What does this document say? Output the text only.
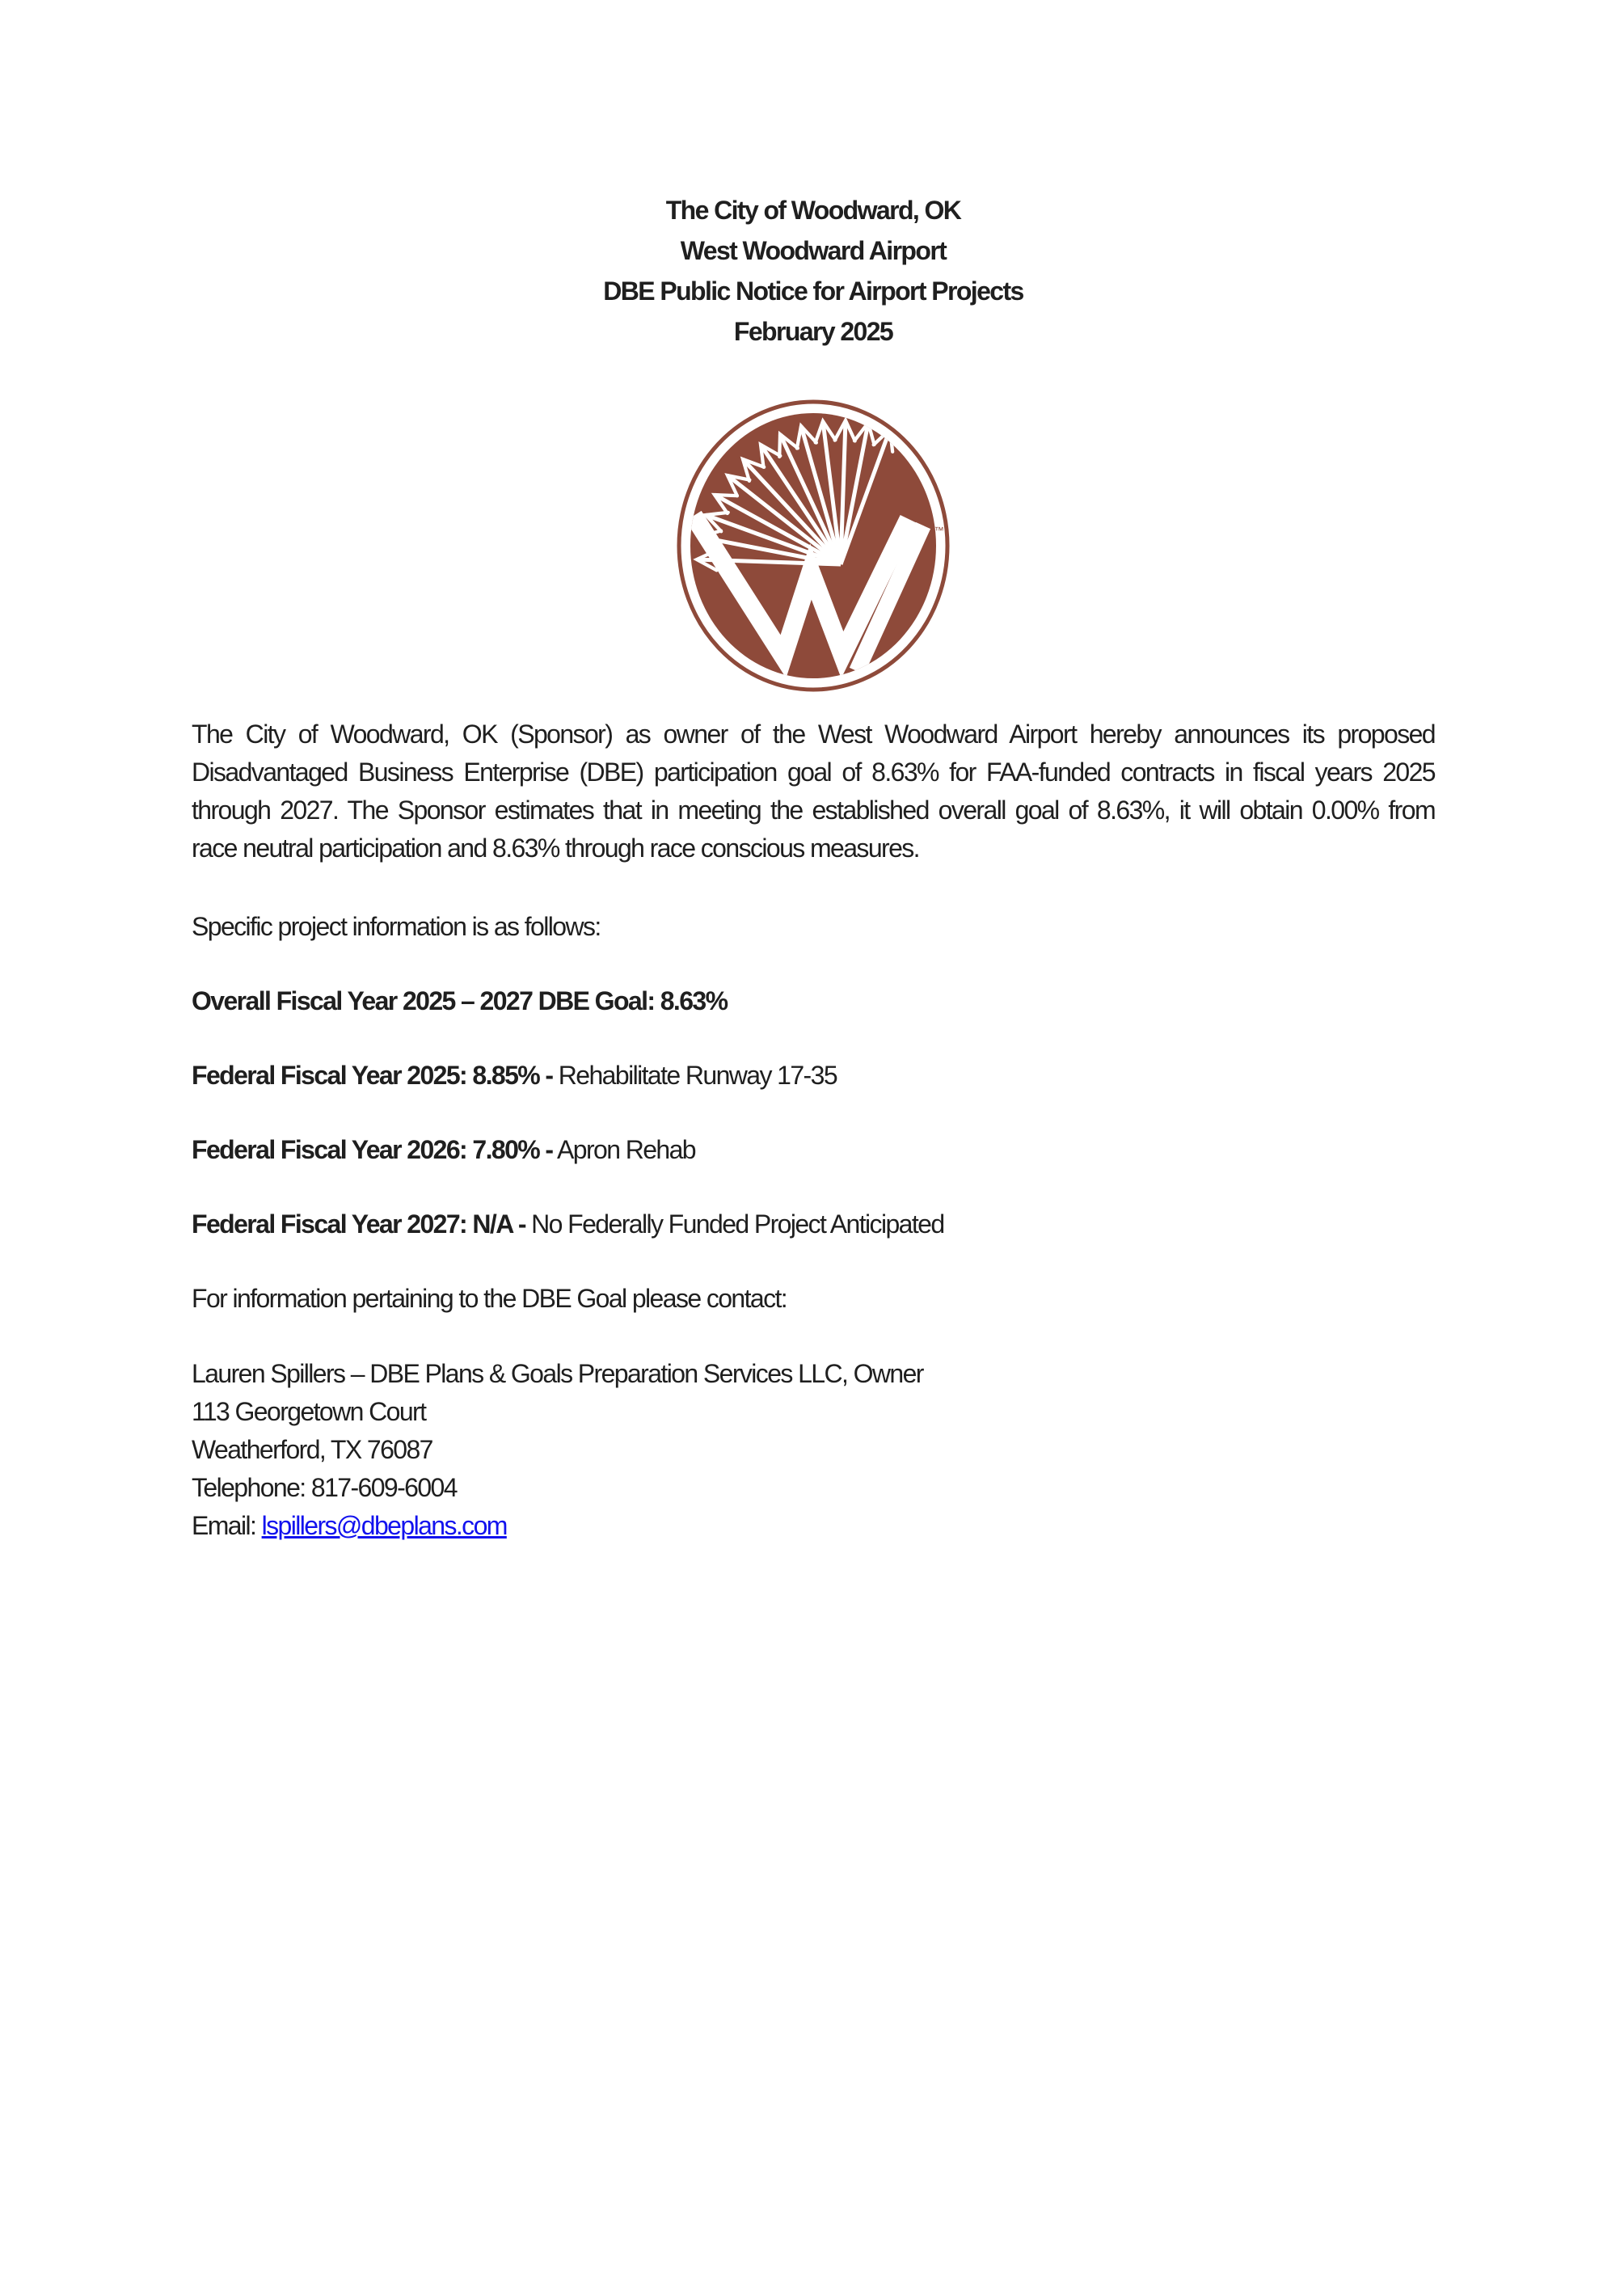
The City of Woodward, OK
West Woodward Airport
DBE Public Notice for Airport Projects
February 2025
™
The City of Woodward, OK (Sponsor) as owner of the West Woodward Airport hereby announces its proposed
Disadvantaged Business Enterprise (DBE) participation goal of 8.63% for FAA-funded contracts in fiscal years 2025
through 2027. The Sponsor estimates that in meeting the established overall goal of 8.63%, it will obtain 0.00% from
race neutral participation and 8.63% through race conscious measures.
Specific project information is as follows:
Overall Fiscal Year 2025 – 2027 DBE Goal: 8.63%
Federal Fiscal Year 2025: 8.85% - Rehabilitate Runway 17-35
Federal Fiscal Year 2026: 7.80% - Apron Rehab
Federal Fiscal Year 2027: N/A - No Federally Funded Project Anticipated
For information pertaining to the DBE Goal please contact:
Lauren Spillers – DBE Plans & Goals Preparation Services LLC, Owner
113 Georgetown Court
Weatherford, TX 76087
Telephone: 817-609-6004
Email: lspillers@dbeplans.com
